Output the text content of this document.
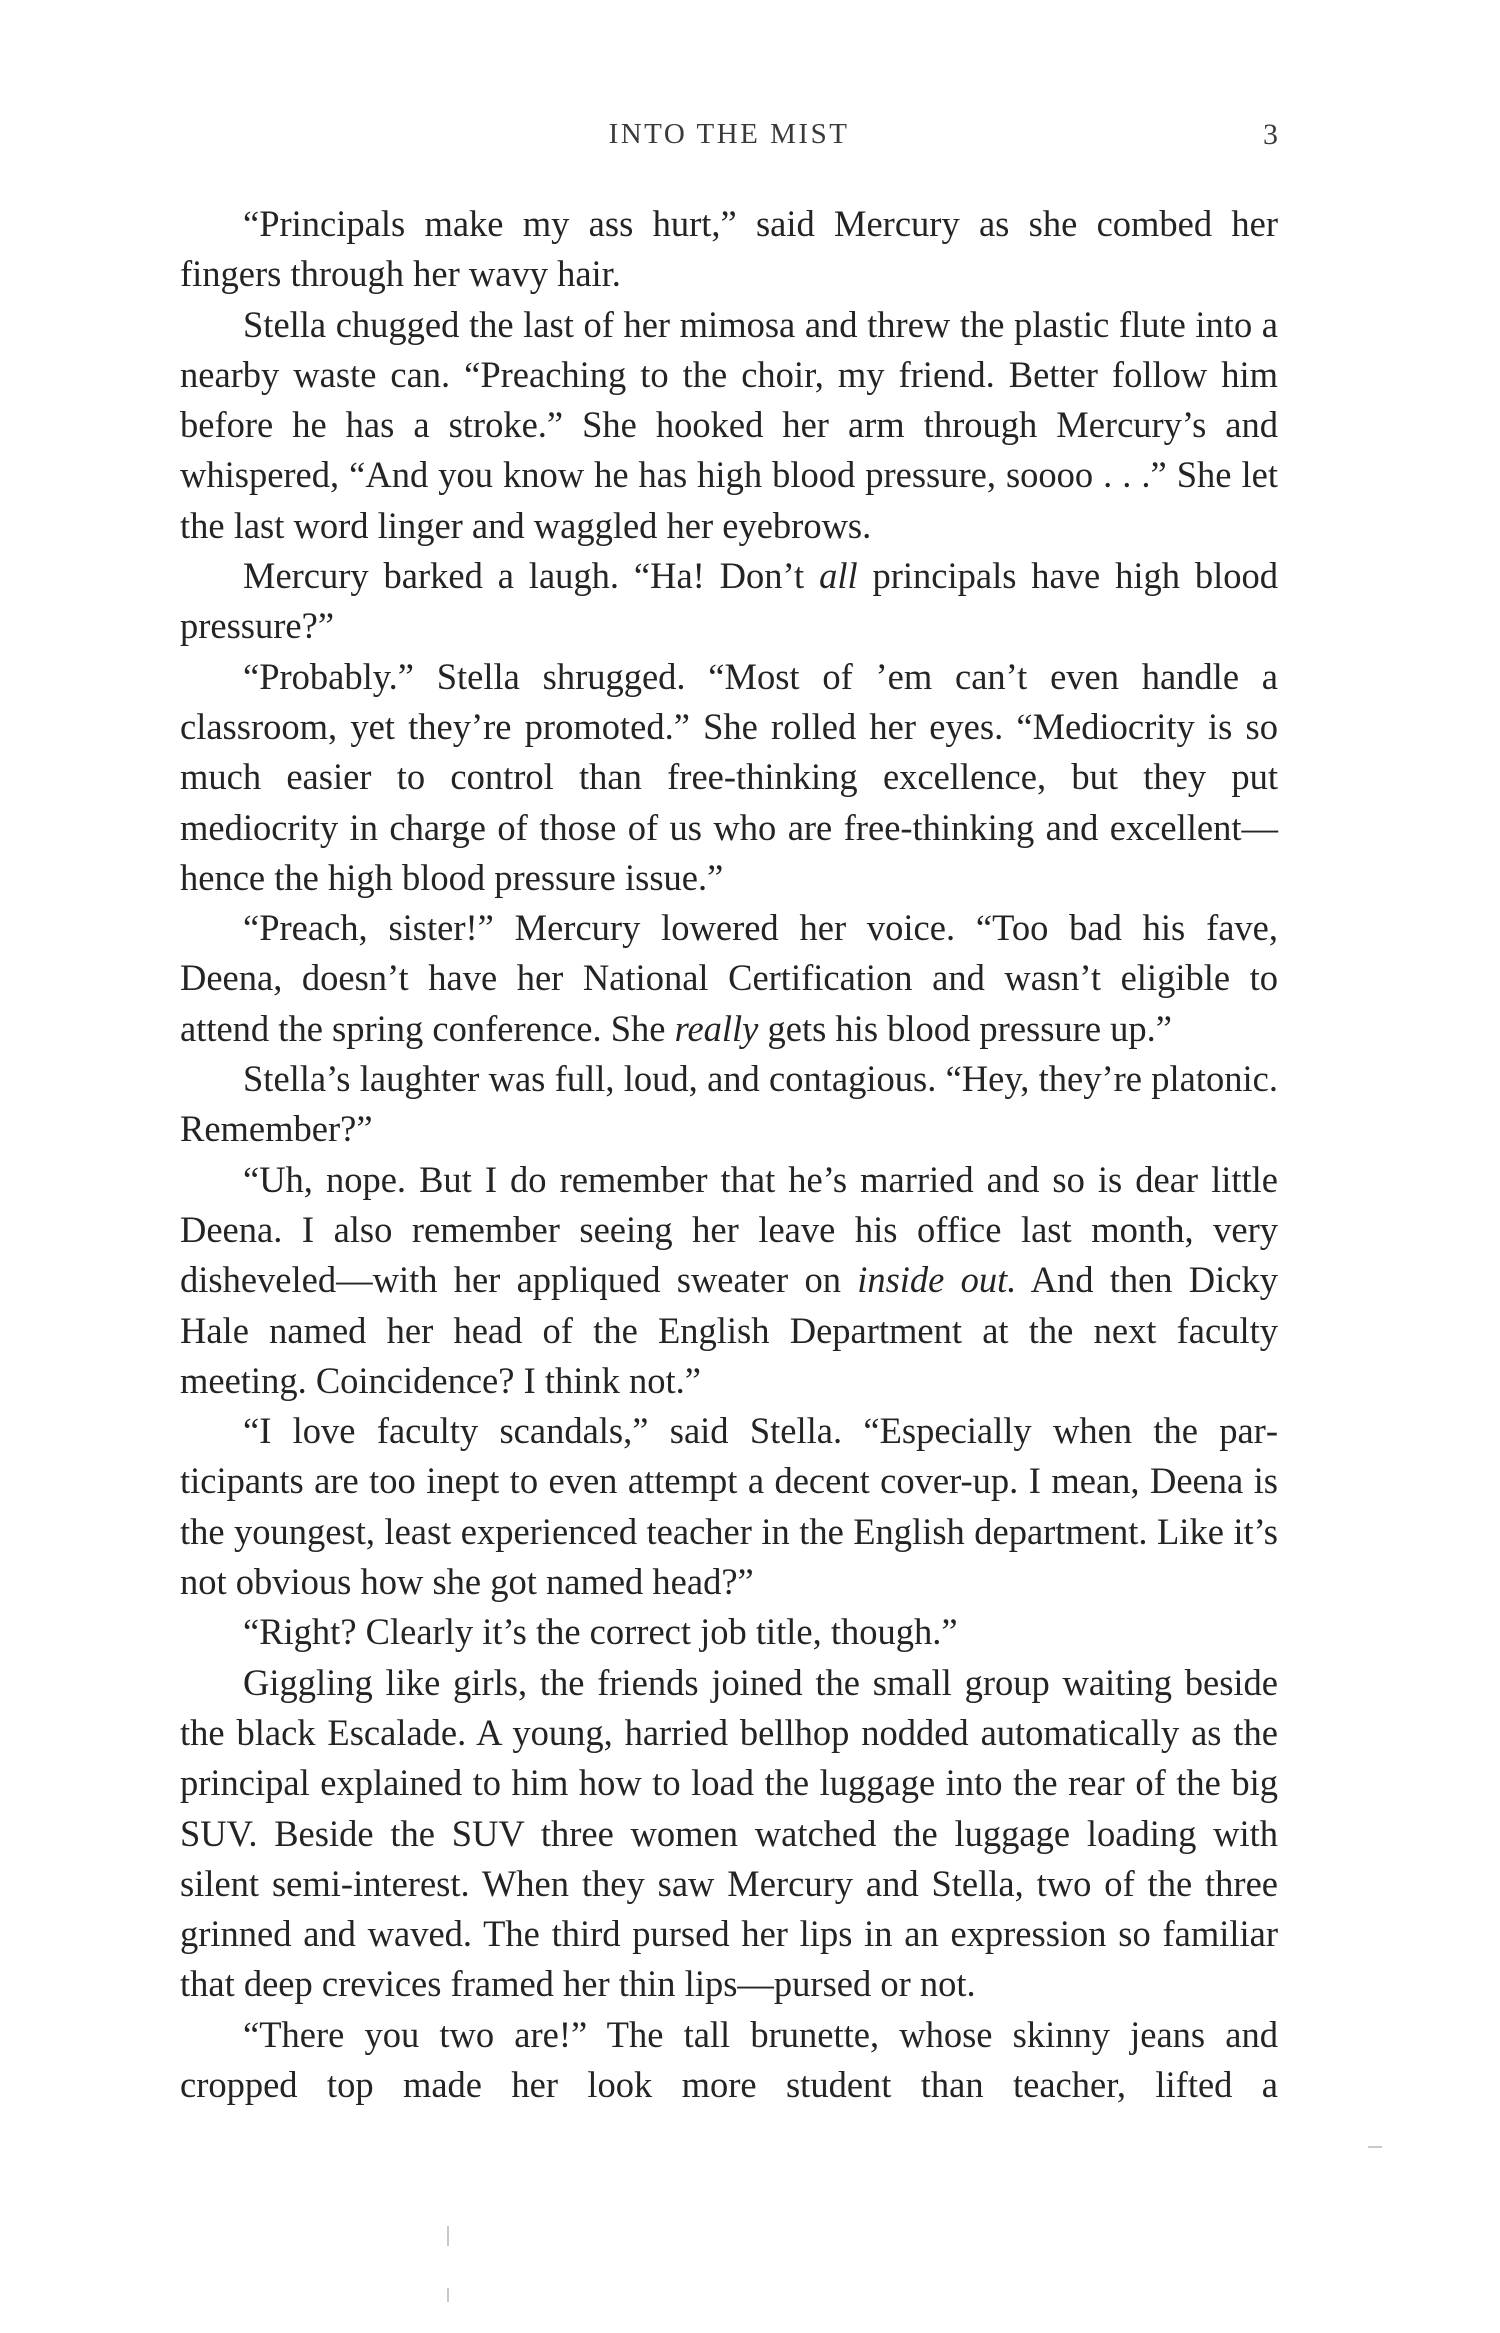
INTO THE MIST	3

“Principals make my ass hurt,” said Mercury as she combed her fingers through her wavy hair.

Stella chugged the last of her mimosa and threw the plastic flute into a nearby waste can. “Preaching to the choir, my friend. Better follow him before he has a stroke.” She hooked her arm through Mercury’s and whispered, “And you know he has high blood pressure, soooo . . .” She let the last word linger and waggled her eyebrows.

Mercury barked a laugh. “Ha! Don’t all principals have high blood pressure?”

“Probably.” Stella shrugged. “Most of ’em can’t even handle a classroom, yet they’re promoted.” She rolled her eyes. “Mediocrity is so much easier to control than free-thinking excellence, but they put mediocrity in charge of those of us who are free-thinking and excellent—hence the high blood pressure issue.”

“Preach, sister!” Mercury lowered her voice. “Too bad his fave, Deena, doesn’t have her National Certification and wasn’t eligible to attend the spring conference. She really gets his blood pressure up.”

Stella’s laughter was full, loud, and contagious. “Hey, they’re platonic. Remember?”

“Uh, nope. But I do remember that he’s married and so is dear little Deena. I also remember seeing her leave his office last month, very disheveled—with her appliqued sweater on inside out. And then Dicky Hale named her head of the English Department at the next faculty meeting. Coincidence? I think not.”

“I love faculty scandals,” said Stella. “Especially when the participants are too inept to even attempt a decent cover-up. I mean, Deena is the youngest, least experienced teacher in the English department. Like it’s not obvious how she got named head?”

“Right? Clearly it’s the correct job title, though.”

Giggling like girls, the friends joined the small group waiting beside the black Escalade. A young, harried bellhop nodded automatically as the principal explained to him how to load the luggage into the rear of the big SUV. Beside the SUV three women watched the luggage loading with silent semi-interest. When they saw Mercury and Stella, two of the three grinned and waved. The third pursed her lips in an expression so familiar that deep crevices framed her thin lips—pursed or not.

“There you two are!” The tall brunette, whose skinny jeans and cropped top made her look more student than teacher, lifted a
